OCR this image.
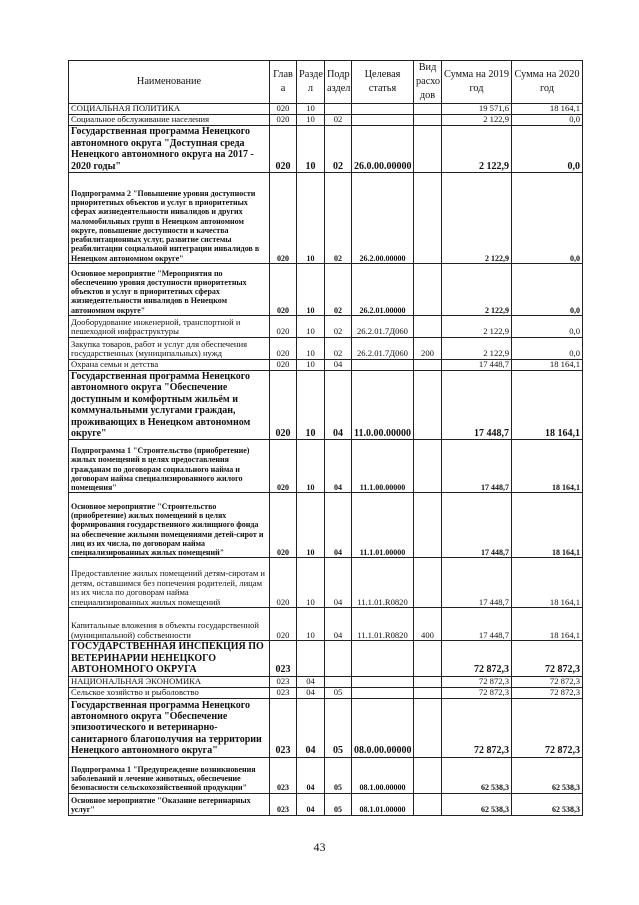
Наименование	Глав а	Разде л	Подр аздел	Целевая статья	Вид расхо дов	Сумма на 2019 год	Сумма на 2020 год
СОЦИАЛЬНАЯ ПОЛИТИКА	020	10				19 571,6	18 164,1
Социальное обслуживание населения	020	10	02			2 122,9	0,0
Государственная программа Ненецкого автономного округа "Доступная среда Ненецкого автономного округа на 2017 - 2020 годы"	020	10	02	26.0.00.00000		2 122,9	0,0
Подпрограмма 2 "Повышение уровня доступности приоритетных объектов и услуг в приоритетных сферах жизнедеятельности инвалидов и других маломобильных групп в Ненецком автономном округе, повышение доступности и качества реабилитационных услуг, развитие системы реабилитации социальной интеграции инвалидов в Ненецком автономном округе"	020	10	02	26.2.00.00000		2 122,9	0,0
Основное мероприятие "Мероприятия по обеспечению уровня доступности приоритетных объектов и услуг в приоритетных сферах жизнедеятельности инвалидов в Ненецком автономном округе"	020	10	02	26.2.01.00000		2 122,9	0,0
Дооборудование инженерной, транспортной и пешеходной инфраструктуры	020	10	02	26.2.01.7Д060		2 122,9	0,0
Закупка товаров, работ и услуг для обеспечения государственных (муниципальных) нужд	020	10	02	26.2.01.7Д060	200	2 122,9	0,0
Охрана семьи и детства	020	10	04			17 448,7	18 164,1
Государственная программа Ненецкого автономного округа "Обеспечение доступным и комфортным жильём и коммунальными услугами граждан, проживающих в Ненецком автономном округе"	020	10	04	11.0.00.00000		17 448,7	18 164,1
Подпрограмма 1 "Строительство (приобретение) жилых помещений в целях предоставления гражданам по договорам социального найма и договорам найма специализированного жилого помещения"	020	10	04	11.1.00.00000		17 448,7	18 164,1
Основное мероприятие "Строительство (приобретение) жилых помещений в целях формирования государственного жилищного фонда на обеспечение жилыми помещениями детей-сирот и лиц из их числа, по договорам найма специализированных жилых помещений"	020	10	04	11.1.01.00000		17 448,7	18 164,1
Предоставление жилых помещений детям-сиротам и детям, оставшимся без попечения родителей, лицам из их числа по договорам найма специализированных жилых помещений	020	10	04	11.1.01.R0820		17 448,7	18 164,1
Капитальные вложения в объекты государственной (муниципальной) собственности	020	10	04	11.1.01.R0820	400	17 448,7	18 164,1
ГОСУДАРСТВЕННАЯ ИНСПЕКЦИЯ ПО ВЕТЕРИНАРИИ НЕНЕЦКОГО АВТОНОМНОГО ОКРУГА	023					72 872,3	72 872,3
НАЦИОНАЛЬНАЯ ЭКОНОМИКА	023	04				72 872,3	72 872,3
Сельское хозяйство и рыболовство	023	04	05			72 872,3	72 872,3
Государственная программа Ненецкого автономного округа "Обеспечение эпизоотического и ветеринарно-санитарного благополучия на территории Ненецкого автономного округа"	023	04	05	08.0.00.00000		72 872,3	72 872,3
Подпрограмма 1 "Предупреждение возникновения заболеваний и лечение животных, обеспечение безопасности сельскохозяйственной продукции"	023	04	05	08.1.00.00000		62 538,3	62 538,3
Основное мероприятие "Оказание ветеринарных услуг"	023	04	05	08.1.01.00000		62 538,3	62 538,3
43
